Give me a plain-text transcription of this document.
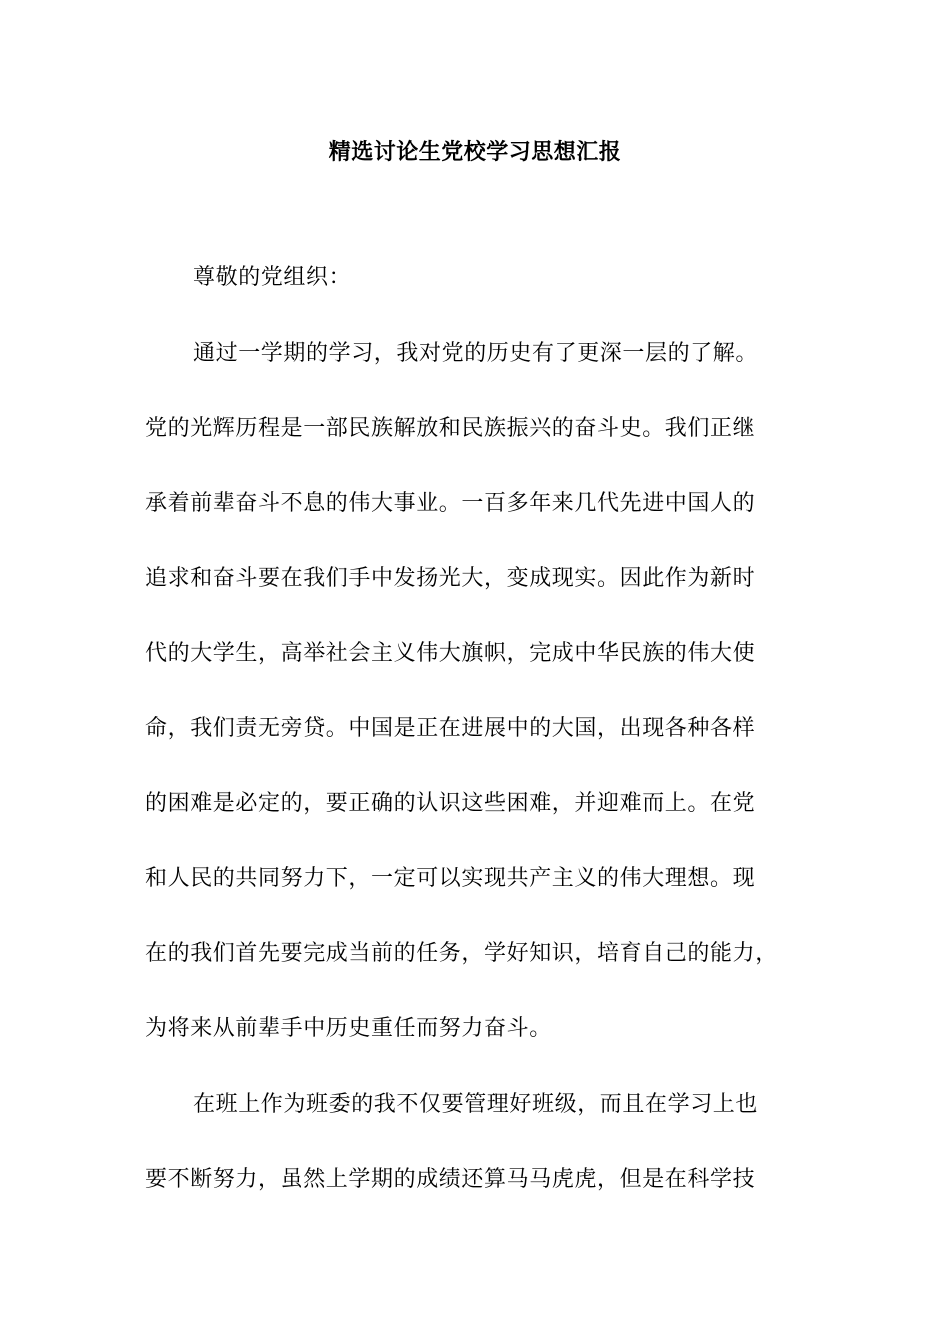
精选讨论生党校学习思想汇报
尊敬的党组织：
通过一学期的学习，我对党的历史有了更深一层的了解。
党的光辉历程是一部民族解放和民族振兴的奋斗史。我们正继
承着前辈奋斗不息的伟大事业。一百多年来几代先进中国人的
追求和奋斗要在我们手中发扬光大，变成现实。因此作为新时
代的大学生，高举社会主义伟大旗帜，完成中华民族的伟大使
命，我们责无旁贷。中国是正在进展中的大国，出现各种各样
的困难是必定的，要正确的认识这些困难，并迎难而上。在党
和人民的共同努力下，一定可以实现共产主义的伟大理想。现
在的我们首先要完成当前的任务，学好知识，培育自己的能力，
为将来从前辈手中历史重任而努力奋斗。
在班上作为班委的我不仅要管理好班级，而且在学习上也
要不断努力，虽然上学期的成绩还算马马虎虎，但是在科学技
